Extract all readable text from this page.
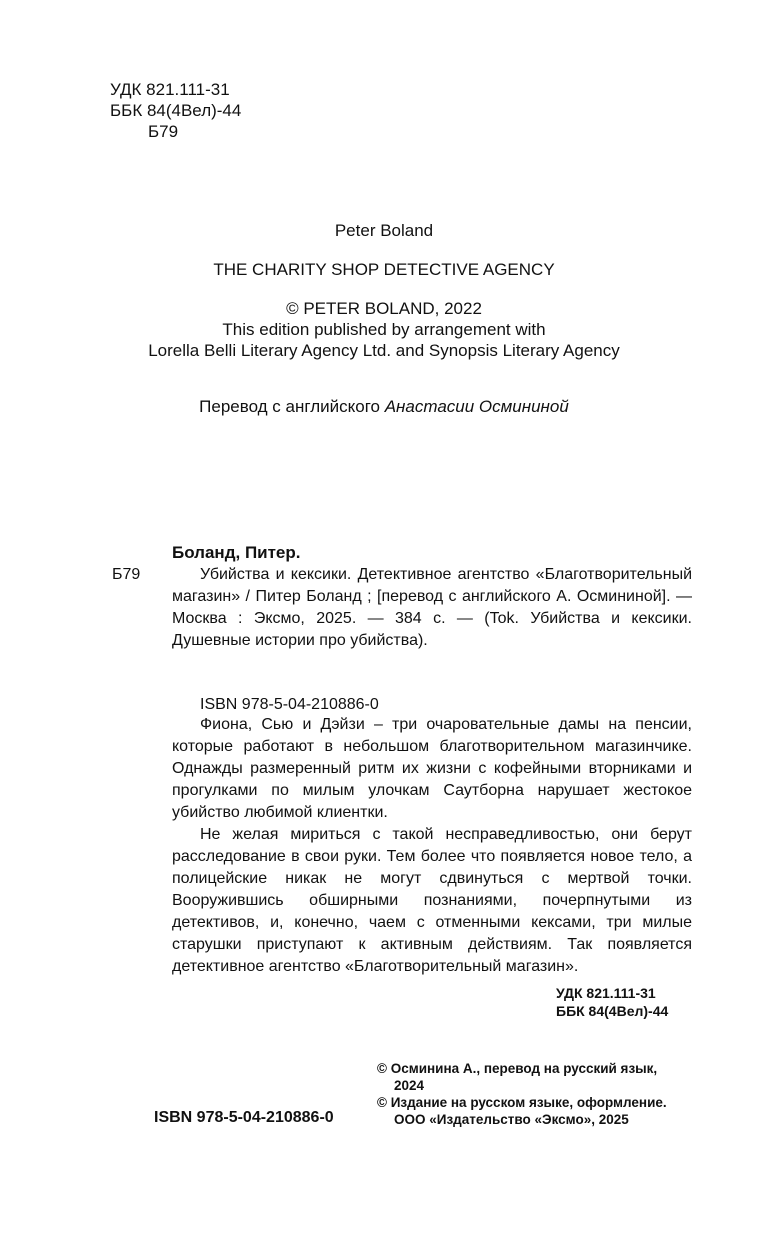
УДК 821.111-31
ББК 84(4Вел)-44
Б79
Peter Boland
THE CHARITY SHOP DETECTIVE AGENCY
© PETER BOLAND, 2022
This edition published by arrangement with
Lorella Belli Literary Agency Ltd. and Synopsis Literary Agency
Перевод с английского Анастасии Осмининой
Боланд, Питер.
Б79	Убийства и кексики. Детективное агентство «Благотворительный магазин» / Питер Боланд ; [перевод с английского А. Осмининой]. — Москва : Эксмо, 2025. — 384 с. — (Tok. Убийства и кексики. Душевные истории про убийства).
ISBN 978-5-04-210886-0

Фиона, Сью и Дэйзи – три очаровательные дамы на пенсии, которые работают в небольшом благотворительном магазинчике. Однажды размеренный ритм их жизни с кофейными вторниками и прогулками по милым улочкам Саутборна нарушает жестокое убийство любимой клиентки.

Не желая мириться с такой несправедливостью, они берут расследование в свои руки. Тем более что появляется новое тело, а полицейские никак не могут сдвинуться с мертвой точки. Вооружившись обширными познаниями, почерпнутыми из детективов, и, конечно, чаем с отменными кексами, три милые старушки приступают к активным действиям. Так появляется детективное агентство «Благотворительный магазин».

УДК 821.111-31
ББК 84(4Вел)-44
© Осминина А., перевод на русский язык,
2024
© Издание на русском языке, оформление.
ООО «Издательство «Эксмо», 2025
ISBN 978-5-04-210886-0
